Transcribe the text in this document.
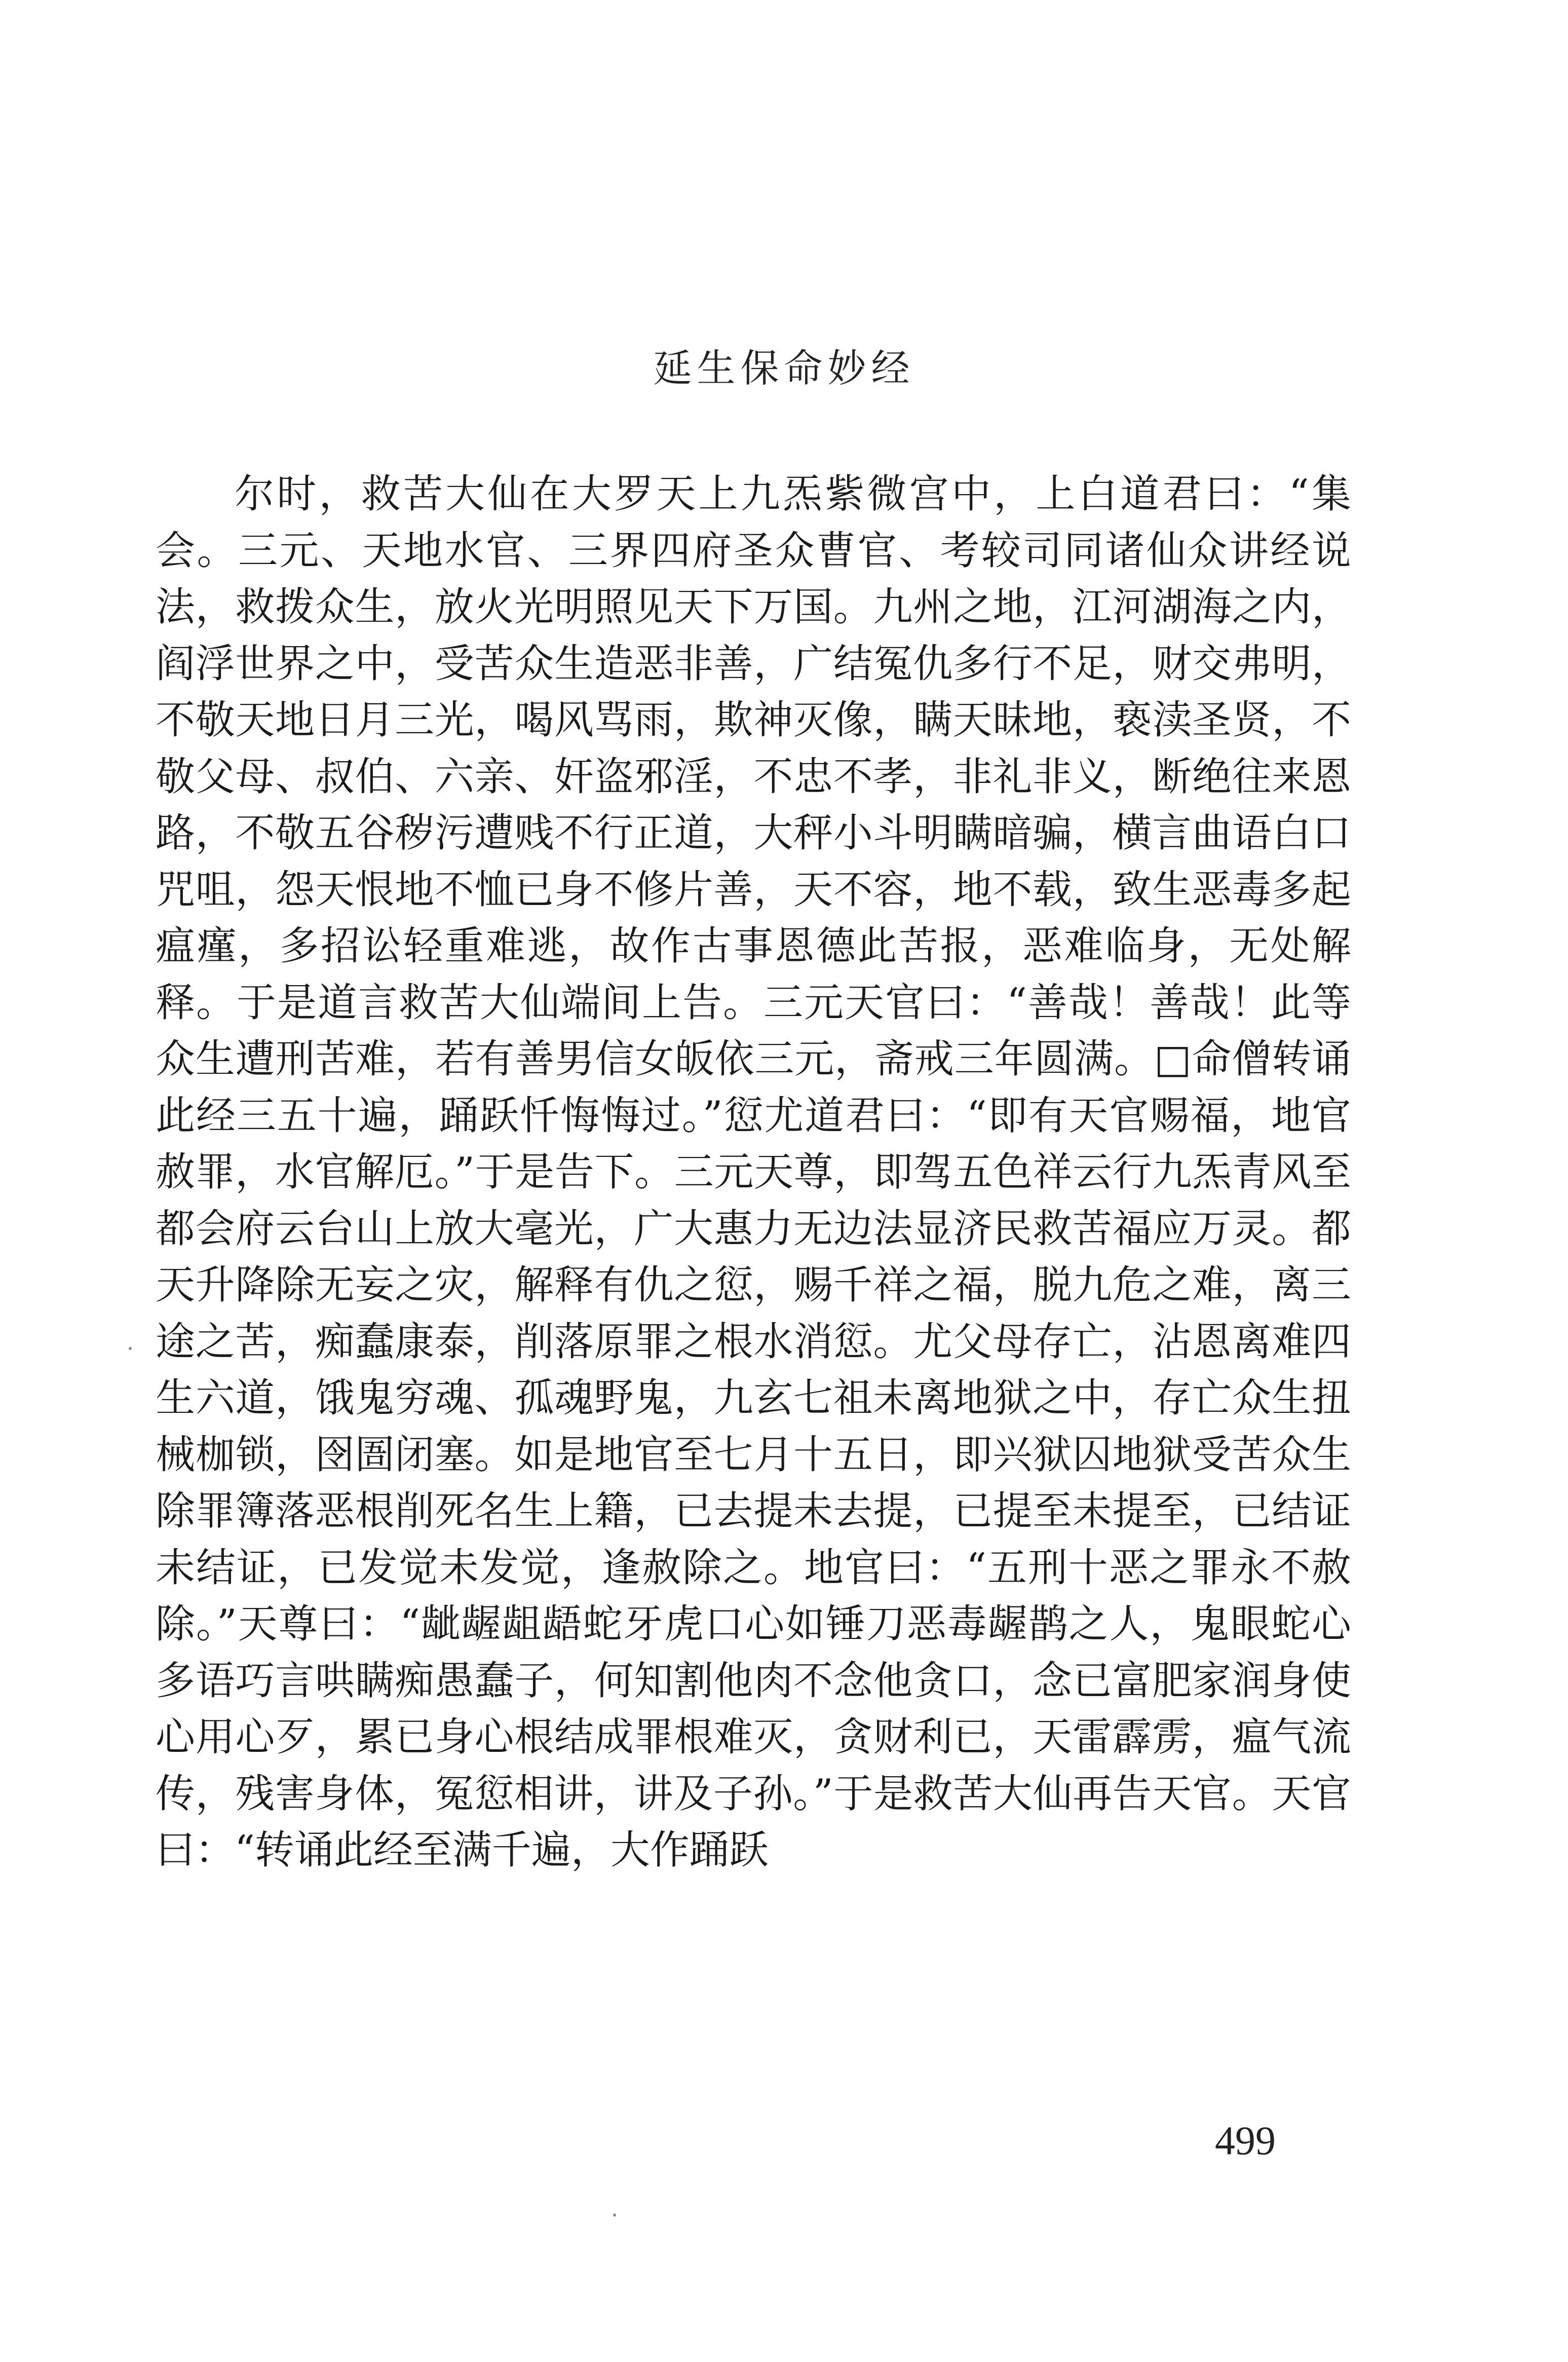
延生保命妙经

尔时，救苦大仙在大罗天上九炁紫微宫中，上白道君曰：“集会。三元、天地水官、三界四府圣众曹官、考较司同诸仙众讲经说法，救拨众生，放火光明照见天下万国。九州之地，江河湖海之内，阎浮世界之中，受苦众生造恶非善，广结冤仇多行不足，财交弗明，不敬天地日月三光，喝风骂雨，欺神灭像，瞒天昧地，亵渎圣贤，不敬父母、叔伯、六亲、奸盗邪淫，不忠不孝，非礼非义，断绝往来恩路，不敬五谷秽污遭贱不行正道，大秤小斗明瞒暗骗，横言曲语白口咒咀，怨天恨地不恤已身不修片善，天不容，地不载，致生恶毒多起瘟瘽，多招讼轻重难逃，故作古事恩德此苦报，恶难临身，无处解释。于是道言救苦大仙端间上告。三元天官曰：“善哉！善哉！此等众生遭刑苦难，若有善男信女皈依三元，斋戒三年圆满。□命僧转诵此经三五十遍，踊跃忏悔悔过。”愆尤道君曰：“即有天官赐福，地官赦罪，水官解厄。”于是告下。三元天尊，即驾五色祥云行九炁青风至都会府云台山上放大毫光，广大惠力无边法显济民救苦福应万灵。都天升降除无妄之灾，解释有仇之愆，赐千祥之福，脱九危之难，离三途之苦，痴蠢康泰，削落原罪之根水消愆。尤父母存亡，沾恩离难四生六道，饿鬼穷魂、孤魂野鬼，九玄七祖未离地狱之中，存亡众生扭械枷锁，囹圄闭塞。如是地官至七月十五日，即兴狱囚地狱受苦众生除罪簿落恶根削死名生上籍，已去提未去提，已提至未提至，已结证未结证，已发觉未发觉，逢赦除之。地官曰：“五刑十恶之罪永不赦除。”天尊曰：“龇龌龃龉蛇牙虎口心如锤刀恶毒龌鹊之人，鬼眼蛇心多语巧言哄瞒痴愚蠢子，何知割他肉不念他贪口，念已富肥家润身使心用心歹，累已身心根结成罪根难灭，贪财利已，天雷霹雳，瘟气流传，残害身体，冤愆相讲，讲及子孙。”于是救苦大仙再告天官。天官曰：“转诵此经至满千遍，大作踊跃

499
